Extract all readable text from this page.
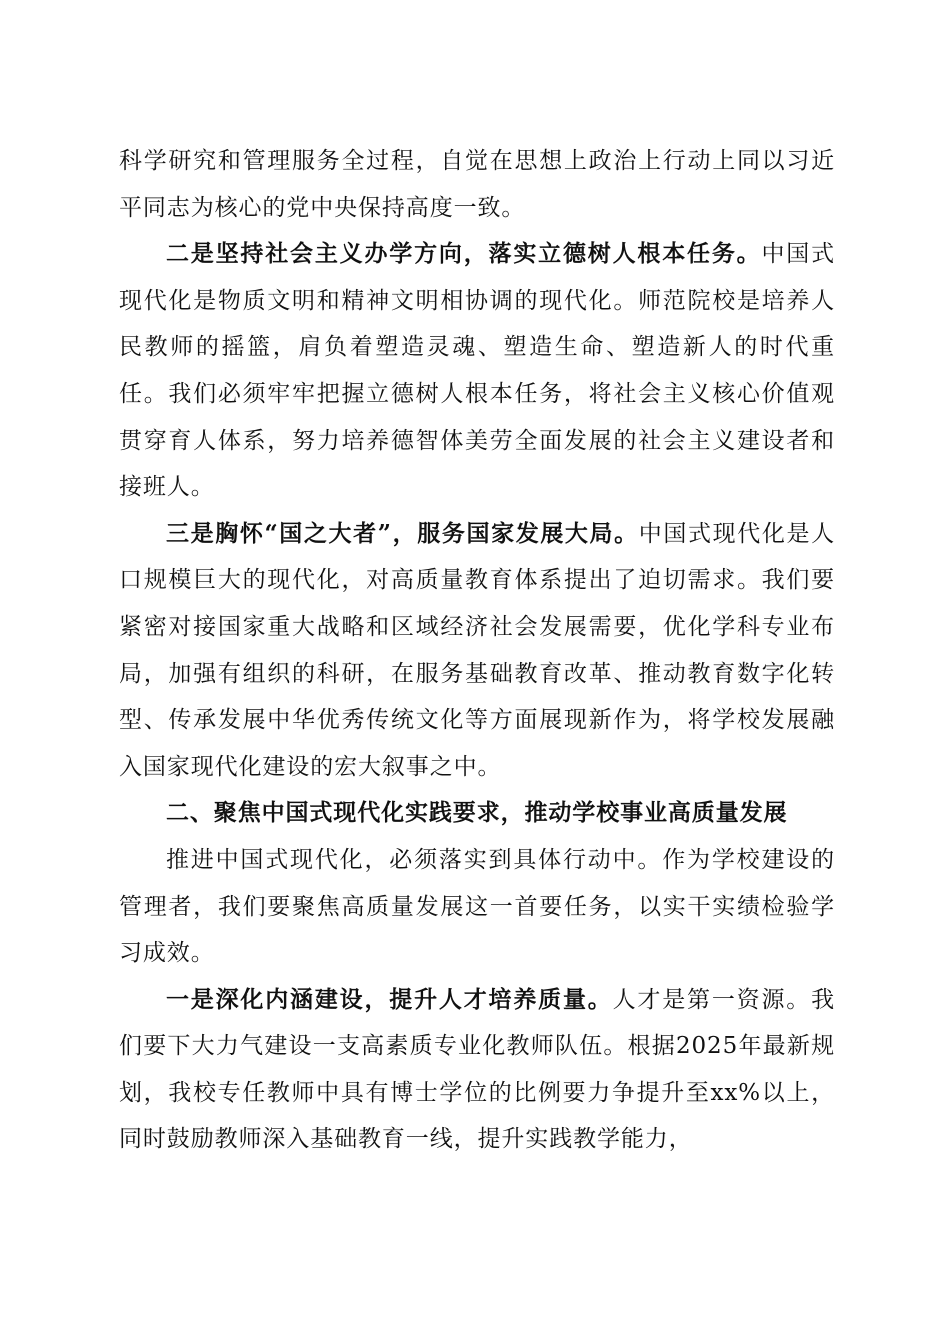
科学研究和管理服务全过程，自觉在思想上政治上行动上同以习近平同志为核心的党中央保持高度一致。

二是坚持社会主义办学方向，落实立德树人根本任务。中国式现代化是物质文明和精神文明相协调的现代化。师范院校是培养人民教师的摇篮，肩负着塑造灵魂、塑造生命、塑造新人的时代重任。我们必须牢牢把握立德树人根本任务，将社会主义核心价值观贯穿育人体系，努力培养德智体美劳全面发展的社会主义建设者和接班人。

三是胸怀“国之大者”，服务国家发展大局。中国式现代化是人口规模巨大的现代化，对高质量教育体系提出了迫切需求。我们要紧密对接国家重大战略和区域经济社会发展需要，优化学科专业布局，加强有组织的科研，在服务基础教育改革、推动教育数字化转型、传承发展中华优秀传统文化等方面展现新作为，将学校发展融入国家现代化建设的宏大叙事之中。

二、聚焦中国式现代化实践要求，推动学校事业高质量发展

推进中国式现代化，必须落实到具体行动中。作为学校建设的管理者，我们要聚焦高质量发展这一首要任务，以实干实绩检验学习成效。

一是深化内涵建设，提升人才培养质量。人才是第一资源。我们要下大力气建设一支高素质专业化教师队伍。根据2025年最新规划，我校专任教师中具有博士学位的比例要力争提升至xx%以上，同时鼓励教师深入基础教育一线，提升实践教学能力，
